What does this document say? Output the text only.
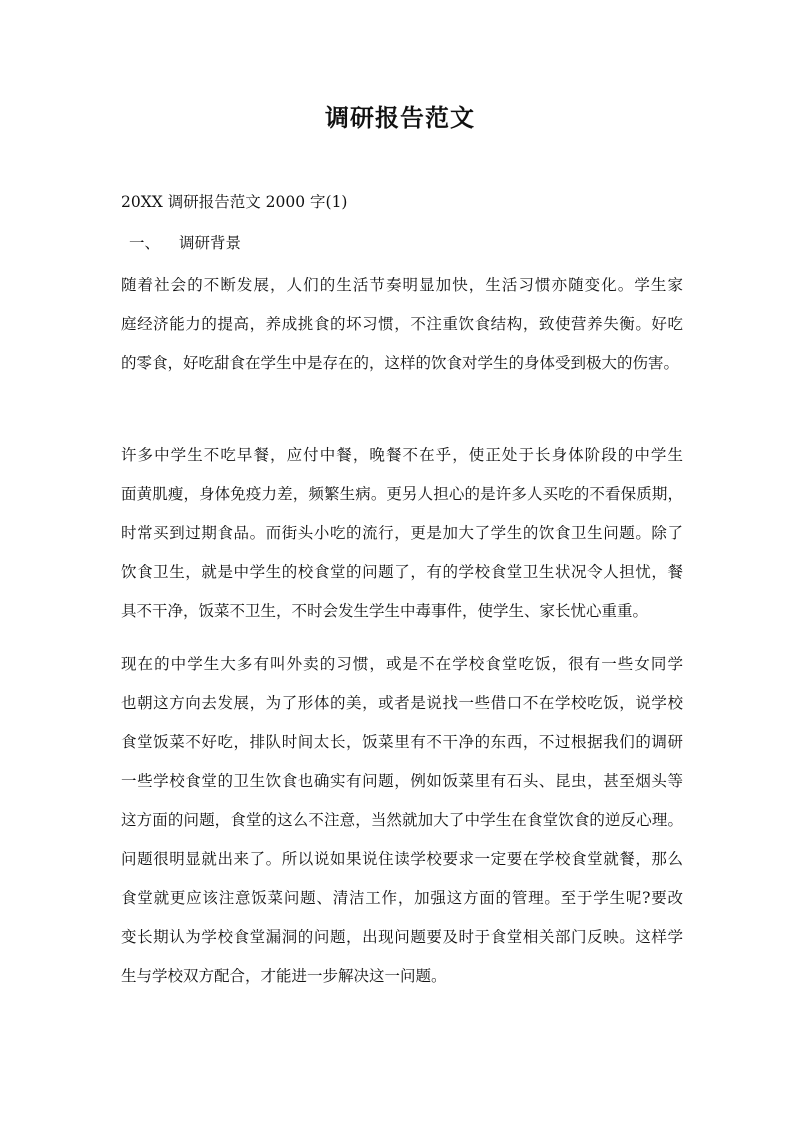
调研报告范文
20XX 调研报告范文 2000 字(1)
一、 调研背景
随着社会的不断发展，人们的生活节奏明显加快，生活习惯亦随变化。学生家
庭经济能力的提高，养成挑食的坏习惯，不注重饮食结构，致使营养失衡。好吃
的零食，好吃甜食在学生中是存在的，这样的饮食对学生的身体受到极大的伤害。
许多中学生不吃早餐，应付中餐，晚餐不在乎，使正处于长身体阶段的中学生
面黄肌瘦，身体免疫力差，频繁生病。更另人担心的是许多人买吃的不看保质期，
时常买到过期食品。而街头小吃的流行，更是加大了学生的饮食卫生问题。除了
饮食卫生，就是中学生的校食堂的问题了，有的学校食堂卫生状况令人担忧，餐
具不干净，饭菜不卫生，不时会发生学生中毒事件，使学生、家长忧心重重。
现在的中学生大多有叫外卖的习惯，或是不在学校食堂吃饭，很有一些女同学
也朝这方向去发展，为了形体的美，或者是说找一些借口不在学校吃饭，说学校
食堂饭菜不好吃，排队时间太长，饭菜里有不干净的东西，不过根据我们的调研
一些学校食堂的卫生饮食也确实有问题，例如饭菜里有石头、昆虫，甚至烟头等
这方面的问题，食堂的这么不注意，当然就加大了中学生在食堂饮食的逆反心理。
问题很明显就出来了。所以说如果说住读学校要求一定要在学校食堂就餐，那么
食堂就更应该注意饭菜问题、清洁工作，加强这方面的管理。至于学生呢?要改
变长期认为学校食堂漏洞的问题，出现问题要及时于食堂相关部门反映。这样学
生与学校双方配合，才能进一步解决这一问题。
